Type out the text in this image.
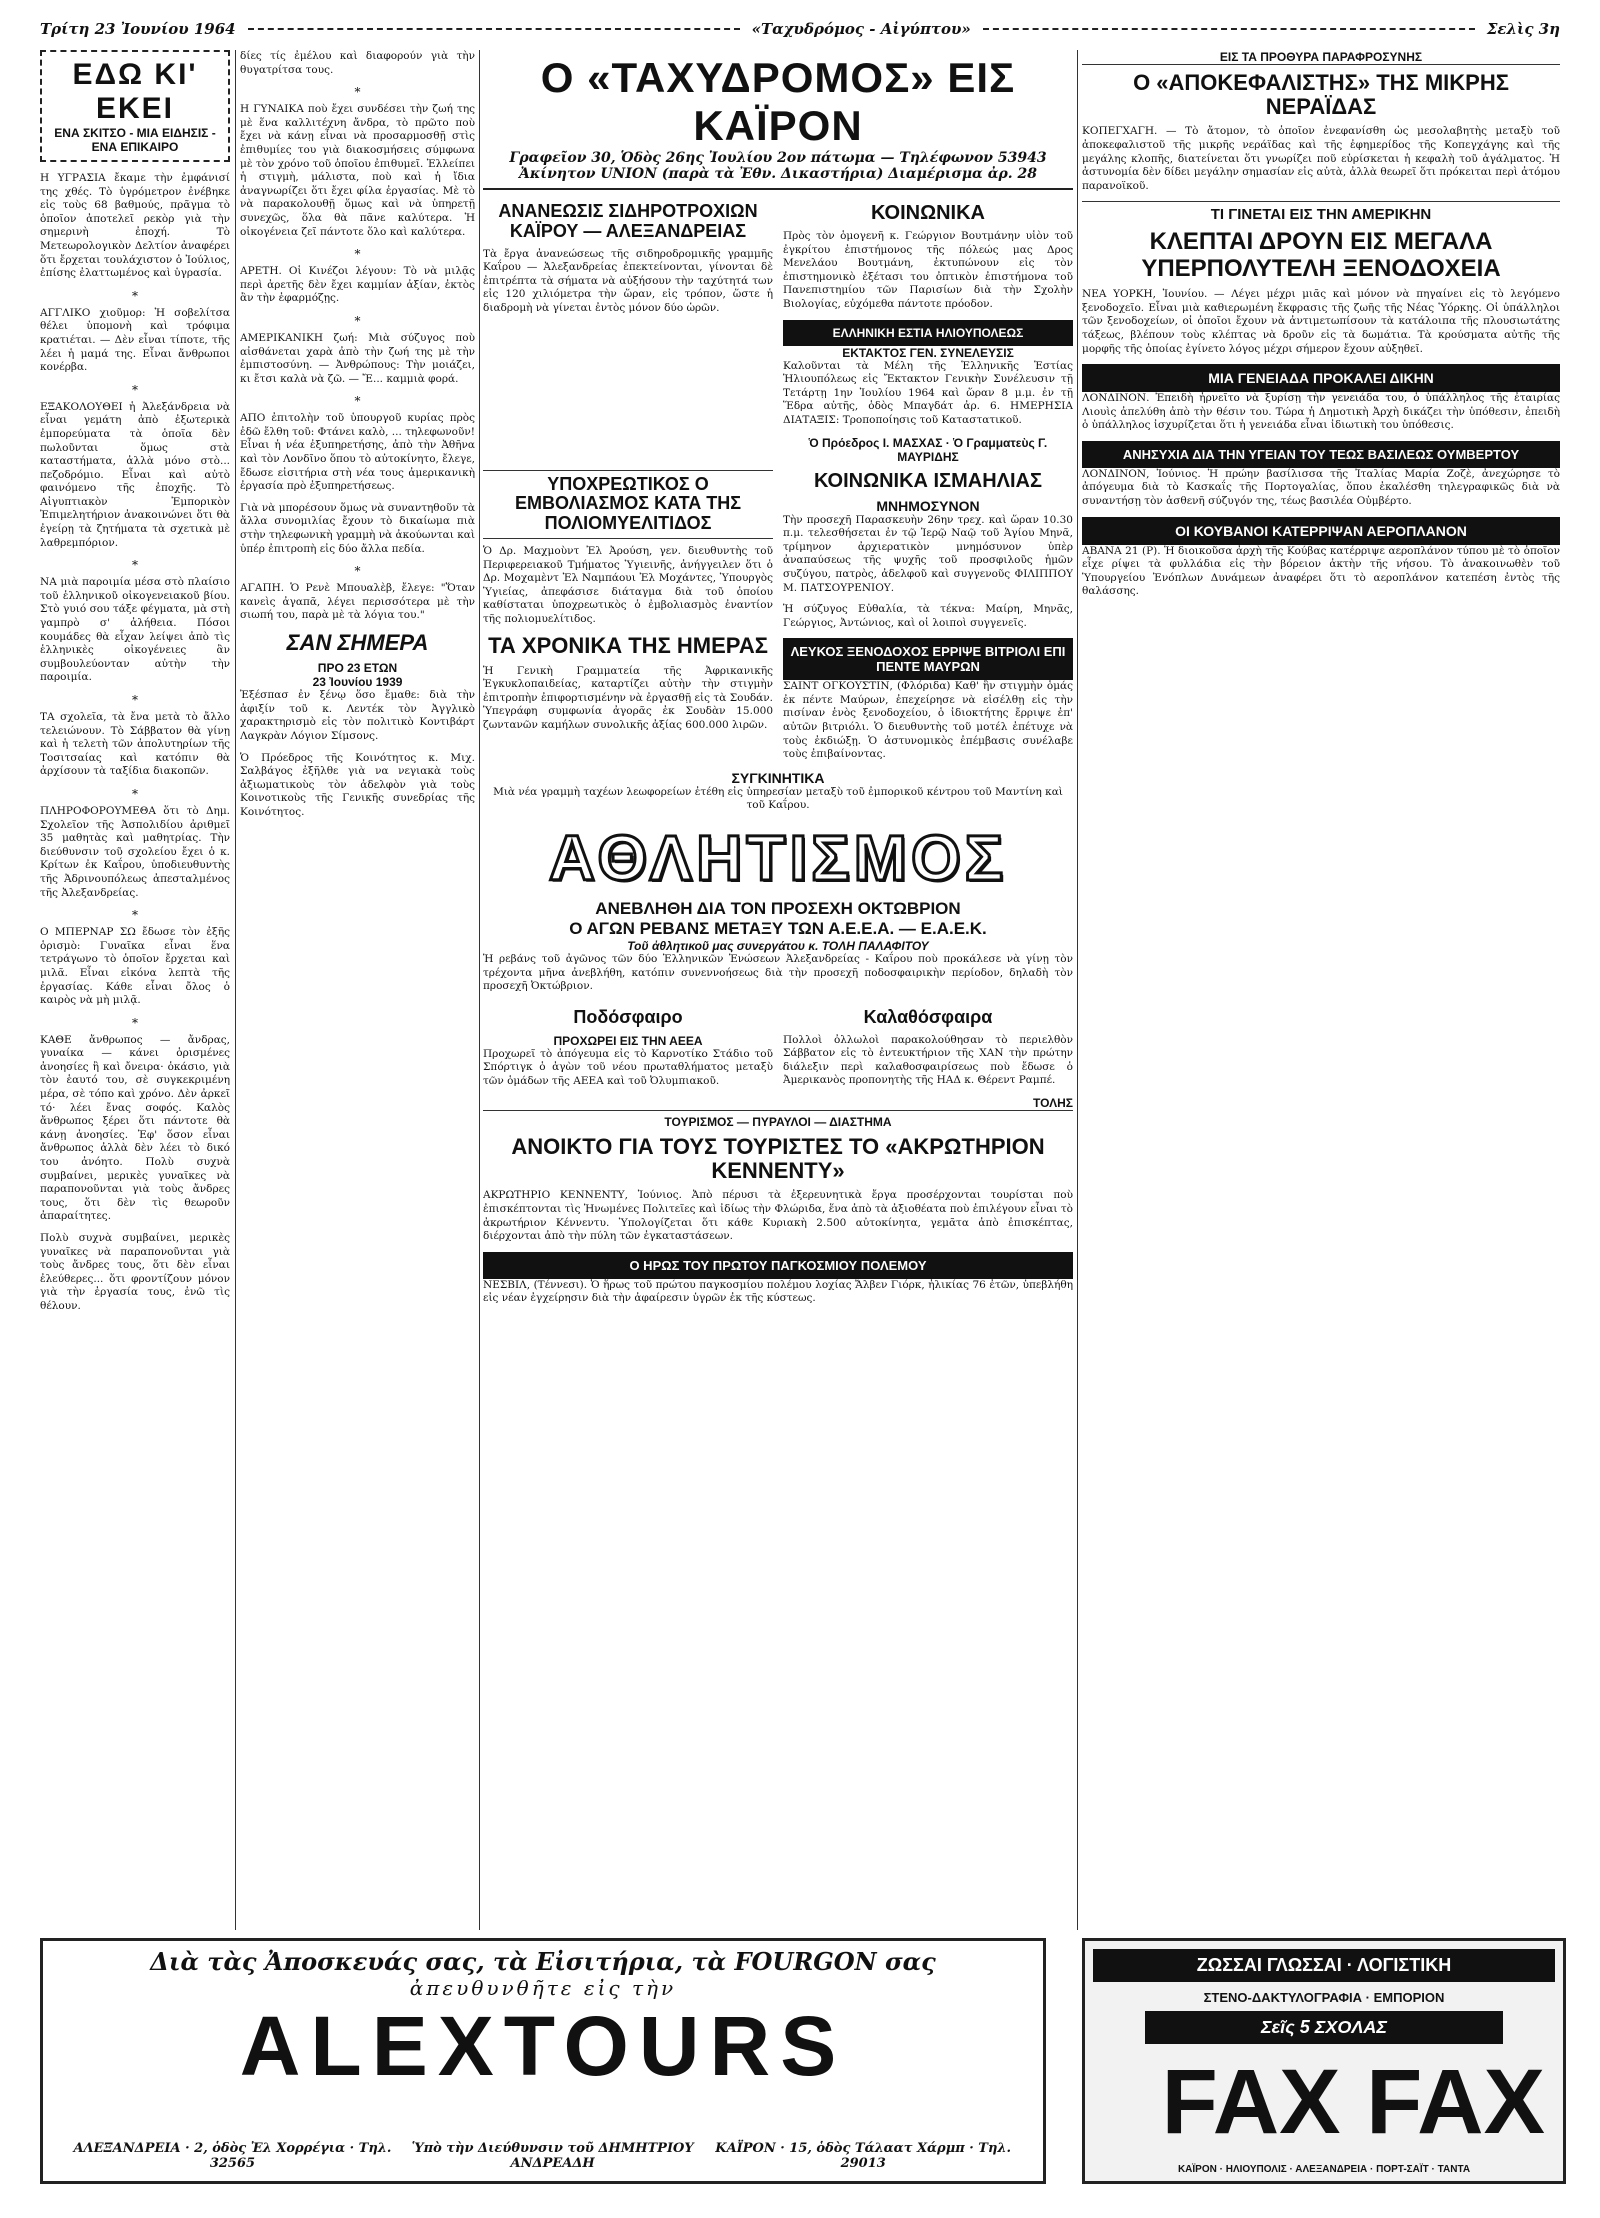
Τρίτη 23 Ἰουνίου 1964	«Ταχυδρόμος - Αἰγύπτου»	Σελὶς 3η
ΕΔΩ ΚΙ' ΕΚΕΙ
ΕΝΑ ΣΚΙΤΣΟ - ΜΙΑ ΕΙΔΗΣΙΣ - ΕΝΑ ΕΠΙΚΑΙΡΟ

Η ΥΓΡΑΣΙΑ ἔκαμε τὴν ἐμφάνισί της χθές. Τὸ ὑγρόμετρον ἐνέβηκε εἰς τοὺς 68 βαθμούς, πρᾶγμα τὸ ὁποῖον ἀποτελεῖ ρεκὸρ γιὰ τὴν σημερινὴ ἐποχή. Τὸ Μετεωρολογικὸν Δελτίον ἀναφέρει ὅτι ἔρχεται τουλάχιστον ὁ Ἰούλιος, ἐπίσης ἐλαττωμένος καὶ ὑγρασία.

*

ΑΓΓΛΙΚΟ χιοῦμορ: Ἡ σοβελίτσα θέλει ὑπομονὴ καὶ τρόφιμα κρατιέται. — Δὲν εἶναι τίποτε, τῆς λέει ἡ μαμά της. Εἶναι ἄνθρωποι κονέρβα.

*

ΕΞΑΚΟΛΟΥΘΕΙ ἡ Ἀλεξάνδρεια νὰ εἶναι γεμάτη ἀπὸ ἐξωτερικὰ ἐμπορεύματα τὰ ὁποῖα δὲν πωλοῦνται ὅμως στὰ καταστήματα, ἀλλὰ μόνο στὸ... πεζοδρόμιο. Εἶναι καὶ αὐτὸ φαινόμενο τῆς ἐποχῆς. Τὸ Αἰγυπτιακὸν Ἐμπορικὸν Ἐπιμελητήριον ἀνακοινώνει ὅτι θὰ ἐγείρῃ τὰ ζητήματα τὰ σχετικὰ μὲ λαθρεμπόριον.

*

ΝΑ μιὰ παροιμία μέσα στὸ πλαίσιο τοῦ ἑλληνικοῦ οἰκογενειακοῦ βίου. Στὸ γυιό σου τάξε φέγματα, μὰ στὴ γαμπρὸ σ' ἀλήθεια. Πόσοι κουμάδες θὰ εἶχαν λείψει ἀπὸ τὶς ἑλληνικὲς οἰκογένειες ἂν συμβουλεύονταν αὐτὴν τὴν παροιμία.

*

ΤΑ σχολεῖα, τὰ ἔνα μετὰ τὸ ἄλλο τελειώνουν. Τὸ Σάββατον θὰ γίνῃ καὶ ἡ τελετὴ τῶν ἀπολυτηρίων τῆς Τοσιτσαίας καὶ κατόπιν θὰ ἀρχίσουν τὰ ταξίδια διακοπῶν.

*

ΠΛΗΡΟΦΟΡΟΥΜΕΘΑ ὅτι τὸ Δημ. Σχολεῖον τῆς Ἀσπολιδίου ἀριθμεῖ 35 μαθητὰς καὶ μαθητρίας. Τὴν διεύθυνσιν τοῦ σχολείου ἔχει ὁ κ. Κρίτων ἐκ Καΐρου, ὑποδιευθυντὴς τῆς Ἀδρινουπόλεως ἀπεσταλμένος τῆς Ἀλεξανδρείας.

*

Ο ΜΠΕΡΝΑΡ ΣΩ ἔδωσε τὸν ἐξῆς ὁρισμὸ: Γυναῖκα εἶναι ἕνα τετράγωνο τὸ ὁποῖον ἔρχεται καὶ μιλᾶ. Εἶναι εἰκόνα λεπτὰ τῆς ἐργασίας. Κάθε εἶναι ὄλος ὁ καιρὸς νὰ μὴ μιλᾷ.

*

ΚΑΘΕ ἄνθρωπος — ἄνδρας, γυναίκα — κάνει ὁρισμένες ἀνοησίες ἢ καὶ ὄνειρα· ὁκάσιο, γιὰ τὸν ἑαυτό του, σὲ συγκεκριμένη μέρα, σὲ τόπο καὶ χρόνο. Δὲν ἀρκεῖ τό· λέει ἔνας σοφός. Καλὸς ἄνθρωπος ξέρει ὅτι πάντοτε θὰ κάνῃ ἀνοησίες. Ἐφ' ὅσον εἶναι ἄνθρωπος ἀλλὰ δὲν λέει τὸ δικό του ἀνόητο. Πολὺ συχνὰ συμβαίνει, μερικὲς γυναῖκες νὰ παραπονοῦνται γιὰ τοὺς ἄνδρες τους, ὅτι δὲν τὶς θεωροῦν ἀπαραίτητες.

Πολὺ συχνὰ συμβαίνει, μερικὲς γυναῖκες νὰ παραπονοῦνται γιὰ τοὺς ἄνδρες τους, ὅτι δὲν εἶναι ἐλεύθερες... ὅτι φροντίζουν μόνον γιὰ τὴν ἐργασία τους, ἐνῶ τὶς θέλουν.

δίες τίς ἐμέλου καὶ διαφορούν γιὰ τὴν θυγατρίτσα τους.

*

Η ΓΥΝΑΙΚΑ ποὺ ἔχει συνδέσει τὴν ζωή της μὲ ἕνα καλλιτέχνη ἄνδρα, τὸ πρῶτο ποὺ ἔχει νὰ κάνῃ εἶναι νὰ προσαρμοσθῇ στὶς ἐπιθυμίες του γιὰ διακοσμήσεις σύμφωνα μὲ τὸν χρόνο τοῦ ὁποῖου ἐπιθυμεῖ. Ἐλλείπει ἡ στιγμὴ, μάλιστα, ποὺ καὶ ἡ ἴδια ἀναγνωρίζει ὅτι ἔχει φίλα ἐργασίας. Μὲ τὸ νὰ παρακολουθῇ ὅμως καὶ νὰ ὑπηρετῇ συνεχῶς, ὅλα θὰ πᾶνε καλύτερα. Ἡ οἰκογένεια ζεῖ πάντοτε ὅλο καὶ καλύτερα.

*

ΑΡΕΤΗ. Οἱ Κινέζοι λέγουν: Τὸ νὰ μιλᾷς περὶ ἀρετῆς δὲν ἔχει καμμίαν ἀξίαν, ἐκτὸς ἂν τὴν ἐφαρμόζῃς.

*

ΑΜΕΡΙΚΑΝΙΚΗ ζωή: Μιὰ σύζυγος ποὺ αἰσθάνεται χαρὰ ἀπὸ τὴν ζωή της μὲ τὴν ἐμπιστοσύνη. — Ἀνθρώπους: Τὴν μοιάζει, κι ἔτσι καλὰ νὰ ζῶ. — Ἔ... καμμιὰ φορά.

*

ΑΠΟ ἐπιτολὴν τοῦ ὑπουργοῦ κυρίας πρὸς ἐδῶ ἔλθη τοῦ: Φτάνει καλὸ, ... τηλεφωνοῦν! Εἶναι ἡ νέα ἐξυπηρετήσης, ἀπὸ τὴν Ἀθῆνα καὶ τὸν Λονδῖνο ὅπου τὸ αὐτοκίνητο, ἔλεγε, ἔδωσε εἰσιτήρια στὴ νέα τους ἀμερικανικὴ ἐργασία πρὸ ἐξυπηρετήσεως.

Γιὰ νὰ μπορέσουν ὅμως νὰ συναντηθοῦν τὰ ἄλλα συνομιλίας ἔχουν τὸ δικαίωμα πιὰ στὴν τηλεφωνικὴ γραμμὴ νὰ ἀκούωνται καὶ ὑπέρ ἐπιτροπὴ εἰς δύο ἄλλα πεδία.

*

ΑΓΑΠΗ. Ὁ Ρενὲ Μπουαλὲβ, ἔλεγε: "Ὅταν κανεὶς ἀγαπᾶ, λέγει περισσότερα μὲ τὴν σιωπή του, παρὰ μὲ τὰ λόγια του."

ΣΑΝ ΣΗΜΕΡΑ
ΠΡΟ 23 ΕΤΩΝ
23 Ἰουνίου 1939

Ἐξέσπασ ἐν ξένῳ ὅσο ἔμαθε: διὰ τὴν ἀφιξίν τοῦ κ. Λεντέκ τὸν Ἀγγλικὸ χαρακτηρισμὸ εἰς τὸν πολιτικὸ Κοντιβάρτ Λαγκρὰν Λόγιον Σίμσονς.

Ὁ Πρόεδρος τῆς Κοινότητος κ. Μιχ. Σαλβάγος ἐξῆλθε γιὰ να νεγιακὰ τοὺς ἀξιωματικοὺς τὸν ἀδελφὸν γιὰ τοὺς Κοινοτικοὺς τῆς Γενικῆς συνεδρίας τῆς Κοινότητος.

Ο «ΤΑΧΥΔΡΟΜΟΣ» ΕΙΣ ΚΑΪΡΟΝ
Γραφεῖον 30, Ὁδὸς 26ης Ἰουλίου 2ον πάτωμα — Τηλέφωνον 53943
Ἀκίνητον UNION (παρὰ τὰ Ἐθν. Δικαστήρια) Διαμέρισμα ἀρ. 28
ΑΝΑΝΕΩΣΙΣ ΣΙΔΗΡΟΤΡΟΧΙΩΝ ΚΑΪΡΟΥ — ΑΛΕΞΑΝΔΡΕΙΑΣ

Τὰ ἔργα ἀνανεώσεως τῆς σιδηροδρομικῆς γραμμῆς Καΐρου — Ἀλεξανδρείας ἐπεκτείνονται, γίνονται δὲ ἐπιτρέπτα τὰ σήματα νὰ αὐξήσουν τὴν ταχύτητά των εἰς 120 χιλιόμετρα τὴν ὥραν, εἰς τρόπον, ὥστε ἡ διαδρομὴ νὰ γίνεται ἐντὸς μόνον δύο ὡρῶν.

ΚΟΙΝΩΝΙΚΑ

Πρὸς τὸν ὁμογενῆ κ. Γεώργιον Βουτμάνην υἱὸν τοῦ ἐγκρίτου ἐπιστήμονος τῆς πόλεώς μας Δρος Μενελάου Βουτμάνη, ἐκτυπώνουν εἰς τὸν ἐπιστημονικὸ ἐξέτασι του ὀπτικὸν ἐπιστήμονα τοῦ Πανεπιστημίου τῶν Παρισίων διὰ τὴν Σχολὴν Βιολογίας, εὐχόμεθα πάντοτε πρόοδον.

ΕΛΛΗΝΙΚΗ ΕΣΤΙΑ ΗΛΙΟΥΠΟΛΕΩΣ
ΕΚΤΑΚΤΟΣ ΓΕΝ. ΣΥΝΕΛΕΥΣΙΣ

Καλοῦνται τὰ Μέλη τῆς Ἑλληνικῆς Ἑστίας Ἡλιουπόλεως εἰς Ἔκτακτον Γενικὴν Συνέλευσιν τῇ Τετάρτῃ 1ην Ἰουλίου 1964 καὶ ὥραν 8 μ.μ. ἐν τῇ Ἕδρα αὐτῆς, ὁδὸς Μπαγδάτ ἀρ. 6. ΗΜΕΡΗΣΙΑ ΔΙΑΤΑΞΙΣ: Τροποποίησις τοῦ Καταστατικοῦ.

Ὁ Πρόεδρος Ι. ΜΑΣΧΑΣ · Ὁ Γραμματεὺς Γ. ΜΑΥΡΙΔΗΣ
ΥΠΟΧΡΕΩΤΙΚΟΣ Ο ΕΜΒΟΛΙΑΣΜΟΣ ΚΑΤΑ ΤΗΣ ΠΟΛΙΟΜΥΕΛΙΤΙΔΟΣ

Ὁ Δρ. Μαχμοὺντ Ἐλ Ἀρούση, γεν. διευθυντὴς τοῦ Περιφερειακοῦ Τμήματος Ὑγιεινῆς, ἀνήγγειλεν ὅτι ὁ Δρ. Μοχαμὲντ Ἐλ Ναμπάουι Ἐλ Μοχάντες, Ὑπουργὸς Ὑγιείας, ἀπεφάσισε διάταγμα διὰ τοῦ ὁποίου καθίσταται ὑποχρεωτικὸς ὁ ἐμβολιασμὸς ἐναντίον τῆς πολιομυελίτιδος.

ΤΑ ΧΡΟΝΙΚΑ ΤΗΣ ΗΜΕΡΑΣ

Ἡ Γενικὴ Γραμματεία τῆς Ἀφρικανικῆς Ἐγκυκλοπαιδείας, καταρτίζει αὐτὴν τὴν στιγμὴν ἐπιτροπὴν ἐπιφορτισμένην νὰ ἐργασθῇ εἰς τὰ Σουδάν. Ὑπεγράφη συμφωνία ἀγορᾶς ἐκ Σουδὰν 15.000 ζωντανῶν καμήλων συνολικῆς ἀξίας 600.000 λιρῶν.

ΚΟΙΝΩΝΙΚΑ ΙΣΜΑΗΛΙΑΣ
ΜΝΗΜΟΣΥΝΟΝ

Τὴν προσεχῆ Παρασκευὴν 26ην τρεχ. καὶ ὥραν 10.30 π.μ. τελεσθήσεται ἐν τῷ Ἱερῷ Ναῷ τοῦ Ἁγίου Μηνᾶ, τρίμηνον ἀρχιερατικὸν μνημόσυνον ὑπὲρ ἀναπαύσεως τῆς ψυχῆς τοῦ προσφιλοῦς ἡμῶν συζύγου, πατρὸς, ἀδελφοῦ καὶ συγγενοῦς ΦΙΛΙΠΠΟΥ Μ. ΠΑΤΣΟΥΡΕΝΙΟΥ.

Ἡ σύζυγος Εὐθαλία, τὰ τέκνα: Μαίρη, Μηνᾶς, Γεώργιος, Ἀντώνιος, καὶ οἱ λοιποὶ συγγενεῖς.

ΛΕΥΚΟΣ ΞΕΝΟΔΟΧΟΣ ΕΡΡΙΨΕ ΒΙΤΡΙΟΛΙ ΕΠΙ ΠΕΝΤΕ ΜΑΥΡΩΝ

ΣΑΙΝΤ ΟΓΚΟΥΣΤΙΝ, (Φλόριδα) Καθ' ἣν στιγμὴν ὁμάς ἐκ πέντε Μαύρων, ἐπεχείρησε νὰ εἰσέλθῃ εἰς τὴν πισίναν ἑνὸς ξενοδοχείου, ὁ ἰδιοκτήτης ἔρριψε ἐπ' αὐτῶν βιτριόλι. Ὁ διευθυντὴς τοῦ μοτέλ ἐπέτυχε νὰ τοὺς ἐκδιώξῃ. Ὁ ἀστυνομικὸς ἐπέμβασις συνέλαβε τοὺς ἐπιβαίνοντας.

ΣΥΓΚΙΝΗΤΙΚΑ

Μιὰ νέα γραμμὴ ταχέων λεωφορείων ἐτέθη εἰς ὑπηρεσίαν μεταξὺ τοῦ ἐμπορικοῦ κέντρου τοῦ Μαντίνη καὶ τοῦ Καΐρου.

ΑΘΛΗΤΙΣΜΟΣ
ΑΝΕΒΛΗΘΗ ΔΙΑ ΤΟΝ ΠΡΟΣΕΧΗ ΟΚΤΩΒΡΙΟΝ
Ο ΑΓΩΝ ΡΕΒΑΝΣ ΜΕΤΑΞΥ ΤΩΝ Α.Ε.Ε.Α. — Ε.Α.Ε.Κ.
Τοῦ ἀθλητικοῦ μας συνεργάτου κ. ΤΟΛΗ ΠΑΛΑΦΙΤΟΥ

Ἡ ρεβάνς τοῦ ἀγῶνος τῶν δύο Ἑλληνικῶν Ἑνώσεων Ἀλεξανδρείας - Καΐρου ποὺ προκάλεσε νὰ γίνῃ τὸν τρέχοντα μῆνα ἀνεβλήθη, κατόπιν συνεννοήσεως διὰ τὴν προσεχῆ ποδοσφαιρικὴν περίοδον, δηλαδὴ τὸν προσεχῆ Ὀκτώβριον.

Ποδόσφαιρο
ΠΡΟΧΩΡΕΙ ΕΙΣ ΤΗΝ ΑΕΕΑ

Προχωρεῖ τὸ ἀπόγευμα εἰς τὸ Καρνοτίκο Στάδιο τοῦ Σπόρτιγκ ὁ ἀγὼν τοῦ νέου πρωταθλήματος μεταξὺ τῶν ὁμάδων τῆς ΑΕΕΑ καὶ τοῦ Ὀλυμπιακοῦ.

Καλαθόσφαιρα

Πολλοὶ ὀλλωλοὶ παρακολούθησαν τὸ περιελθὸν Σάββατον εἰς τὸ ἐντευκτήριον τῆς ΧΑΝ τὴν πρώτην διάλεξιν περὶ καλαθοσφαιρίσεως ποὺ ἔδωσε ὁ Ἀμερικανὸς προπονητὴς τῆς ΗΑΔ κ. Θέρεντ Ραμπέ.

ΤΟΛΗΣ
ΤΟΥΡΙΣΜΟΣ — ΠΥΡΑΥΛΟΙ — ΔΙΑΣΤΗΜΑ
ΑΝΟΙΚΤΟ ΓΙΑ ΤΟΥΣ ΤΟΥΡΙΣΤΕΣ ΤΟ «ΑΚΡΩΤΗΡΙΟΝ ΚΕΝΝΕΝΤΥ»

ΑΚΡΩΤΗΡΙΟ ΚΕΝΝΕΝΤΥ, Ἰούνιος. Ἀπὸ πέρυσι τὰ ἐξερευνητικὰ ἔργα προσέρχονται τουρίσται ποὺ ἐπισκέπτονται τὶς Ἡνωμένες Πολιτεῖες καὶ ἰδίως τὴν Φλώριδα, ἕνα ἀπὸ τὰ ἀξιοθέατα ποὺ ἐπιλέγουν εἶναι τὸ ἀκρωτήριον Κέννεντυ. Ὑπολογίζεται ὅτι κάθε Κυριακὴ 2.500 αὐτοκίνητα, γεμᾶτα ἀπὸ ἐπισκέπτας, διέρχονται ἀπὸ τὴν πύλη τῶν ἐγκαταστάσεων.

Ο ΗΡΩΣ ΤΟΥ ΠΡΩΤΟΥ ΠΑΓΚΟΣΜΙΟΥ ΠΟΛΕΜΟΥ

ΝΕΣΒΙΛ, (Τέννεσι). Ὁ ἥρως τοῦ πρώτου παγκοσμίου πολέμου λοχίας Ἄλβεν Γιόρκ, ἠλικίας 76 ἐτῶν, ὑπεβλήθη εἰς νέαν ἐγχείρησιν διὰ τὴν ἀφαίρεσιν ὑγρῶν ἐκ τῆς κύστεως.

ΕΙΣ ΤΑ ΠΡΟΘΥΡΑ ΠΑΡΑΦΡΟΣΥΝΗΣ
Ο «ΑΠΟΚΕΦΑΛΙΣΤΗΣ» ΤΗΣ ΜΙΚΡΗΣ ΝΕΡΑΪΔΑΣ

ΚΟΠΕΓΧΑΓΗ. — Τὸ ἄτομον, τὸ ὁποῖον ἐνεφανίσθη ὡς μεσολαβητὴς μεταξὺ τοῦ ἀποκεφαλιστοῦ τῆς μικρῆς νεράϊδας καὶ τῆς ἐφημερίδος τῆς Κοπεγχάγης καὶ τῆς μεγάλης κλοπῆς, διατείνεται ὅτι γνωρίζει ποῦ εὑρίσκεται ἡ κεφαλὴ τοῦ ἀγάλματος. Ἡ ἀστυνομία δὲν δίδει μεγάλην σημασίαν εἰς αὐτὰ, ἀλλὰ θεωρεῖ ὅτι πρόκειται περὶ ἀτόμου παρανοϊκοῦ.

ΤΙ ΓΙΝΕΤΑΙ ΕΙΣ ΤΗΝ ΑΜΕΡΙΚΗΝ
ΚΛΕΠΤΑΙ ΔΡΟΥΝ ΕΙΣ ΜΕΓΑΛΑ ΥΠΕΡΠΟΛΥΤΕΛΗ ΞΕΝΟΔΟΧΕΙΑ

ΝΕΑ ΥΟΡΚΗ, Ἰουνίου. — Λέγει μέχρι μιᾶς καὶ μόνον νὰ πηγαίνει εἰς τὸ λεγόμενο ξενοδοχεῖο. Εἶναι μιὰ καθιερωμένη ἔκφρασις τῆς ζωῆς τῆς Νέας Ὑόρκης. Οἱ ὑπάλληλοι τῶν ξενοδοχείων, οἱ ὁποῖοι ἔχουν νὰ ἀντιμετωπίσουν τὰ κατάλοιπα τῆς πλουσιωτάτης τάξεως, βλέπουν τοὺς κλέπτας νὰ δροῦν εἰς τὰ δωμάτια. Τὰ κρούσματα αὐτῆς τῆς μορφῆς τῆς ὁποίας ἐγίνετο λόγος μέχρι σήμερον ἔχουν αὐξηθεῖ.

ΜΙΑ ΓΕΝΕΙΑΔΑ ΠΡΟΚΑΛΕΙ ΔΙΚΗΝ

ΛΟΝΔΙΝΟΝ. Ἐπειδὴ ἠρνεῖτο νὰ ξυρίσῃ τὴν γενειάδα του, ὁ ὑπάλληλος τῆς ἐταιρίας Λιουὶς ἀπελύθη ἀπὸ τὴν θέσιν του. Τώρα ἡ Δημοτικὴ Ἀρχὴ δικάζει τὴν ὑπόθεσιν, ἐπειδὴ ὁ ὑπάλληλος ἰσχυρίζεται ὅτι ἡ γενειάδα εἶναι ἰδιωτικὴ του ὑπόθεσις.

ΑΝΗΣΥΧΙΑ ΔΙΑ ΤΗΝ ΥΓΕΙΑΝ ΤΟΥ ΤΕΩΣ ΒΑΣΙΛΕΩΣ ΟΥΜΒΕΡΤΟΥ

ΛΟΝΔΙΝΟΝ, Ἰούνιος. Ἡ πρώην βασίλισσα τῆς Ἰταλίας Μαρία Ζοζὲ, ἀνεχώρησε τὸ ἀπόγευμα διὰ τὸ Κασκαΐς τῆς Πορτογαλίας, ὅπου ἐκαλέσθη τηλεγραφικῶς διὰ νὰ συναντήσῃ τὸν ἀσθενῆ σύζυγόν της, τέως βασιλέα Οὐμβέρτο.

ΟΙ ΚΟΥΒΑΝΟΙ ΚΑΤΕΡΡΙΨΑΝ ΑΕΡΟΠΛΑΝΟΝ

ΑΒΑΝΑ 21 (Ρ). Ἡ διοικοῦσα ἀρχὴ τῆς Κούβας κατέρριψε αεροπλάνον τύπου μὲ τὸ ὁποῖον εἶχε ρίψει τὰ φυλλάδια εἰς τὴν βόρειον ἀκτὴν τῆς νήσου. Τὸ ἀνακοινωθὲν τοῦ Ὑπουργείου Ἐνόπλων Δυνάμεων ἀναφέρει ὅτι τὸ αεροπλάνον κατεπέση ἐντὸς τῆς θαλάσσης.

Διὰ τὰς Ἀποσκευάς σας, τὰ Εἰσιτήρια, τὰ FOURGON σας
ἀπευθυνθῆτε εἰς τὴν
ALEXTOURS
ΑΛΕΞΑΝΔΡΕΙΑ · 2, ὁδὸς Ἐλ Χορρέγια · Τηλ. 32565
Ὑπὸ τὴν Διεύθυνσιν τοῦ ΔΗΜΗΤΡΙΟΥ ΑΝΔΡΕΑΔΗ
ΚΑΪΡΟΝ · 15, ὁδὸς Τάλαατ Χάρμπ · Τηλ. 29013
ΖΩΣΣΑΙ ΓΛΩΣΣΑΙ · ΛΟΓΙΣΤΙΚΗ
ΣΤΕΝΟ-ΔΑΚΤΥΛΟΓΡΑΦΙΑ · ΕΜΠΟΡΙΟΝ
Σεῖς 5 ΣΧΟΛΑΣ
FAX FAX
ΚΑΪΡΟΝ · ΗΛΙΟΥΠΟΛΙΣ · ΑΛΕΞΑΝΔΡΕΙΑ · ΠΟΡΤ-ΣΑΪΤ · ΤΑΝΤΑ
